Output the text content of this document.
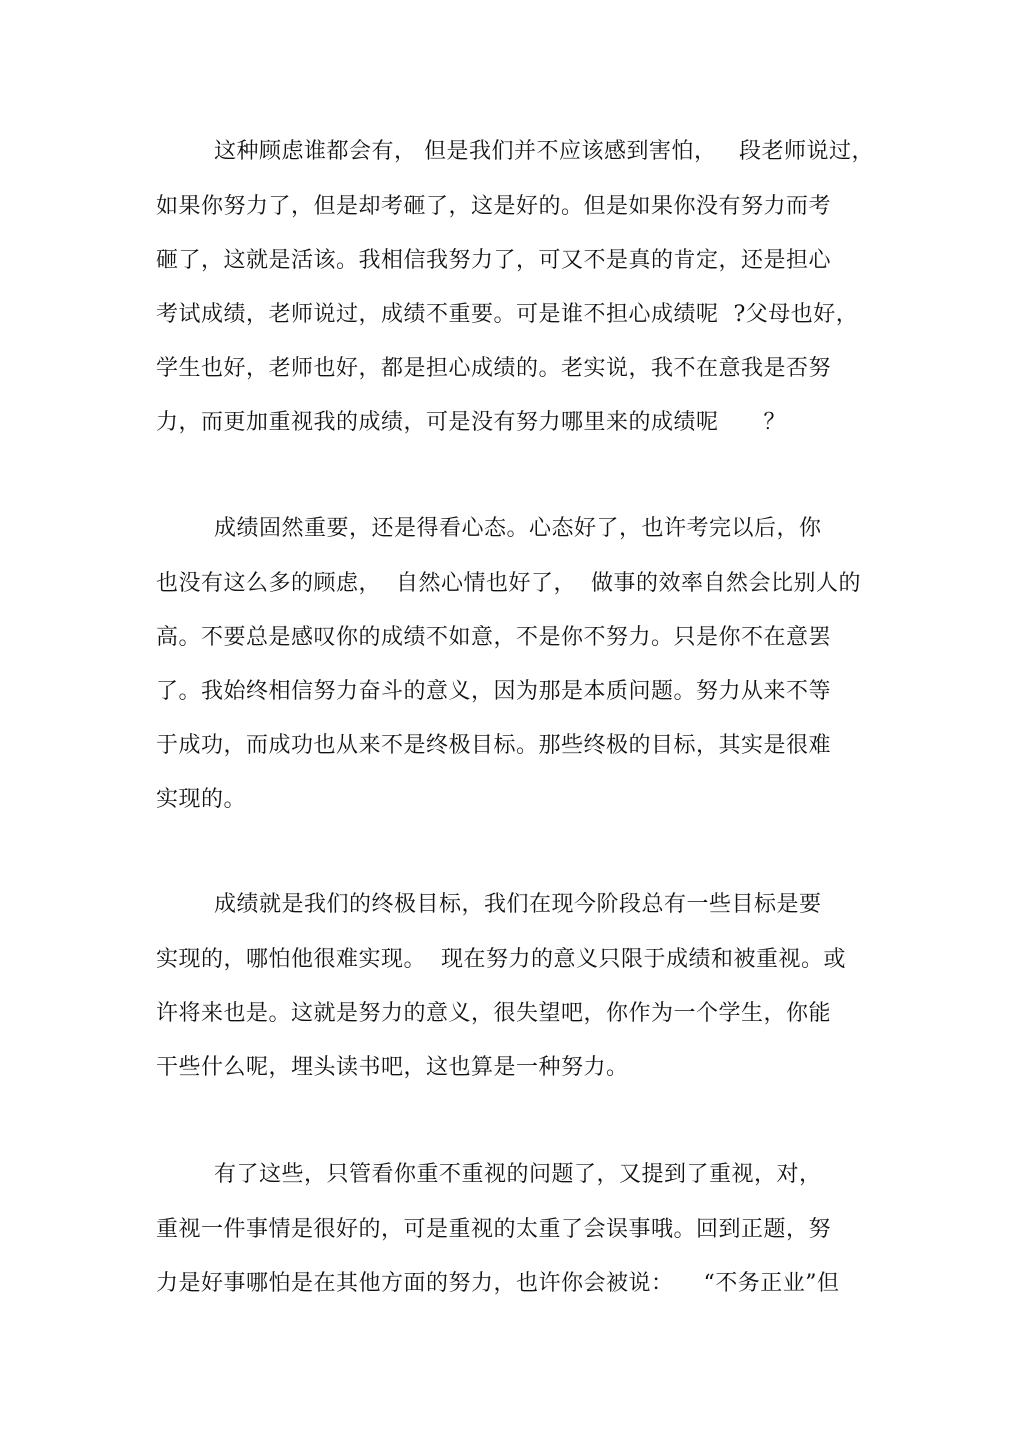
这种顾虑谁都会有， 但是我们并不应该感到害怕，   段老师说过，
如果你努力了，但是却考砸了，这是好的。但是如果你没有努力而考
砸了，这就是活该。我相信我努力了，可又不是真的肯定，还是担心
考试成绩，老师说过，成绩不重要。可是谁不担心成绩呢  ?父母也好，
学生也好，老师也好，都是担心成绩的。老实说，我不在意我是否努
力，而更加重视我的成绩，可是没有努力哪里来的成绩呢      ？
成绩固然重要，还是得看心态。心态好了，也许考完以后，你
也没有这么多的顾虑，  自然心情也好了，  做事的效率自然会比别人的
高。不要总是感叹你的成绩不如意，不是你不努力。只是你不在意罢
了。我始终相信努力奋斗的意义，因为那是本质问题。努力从来不等
于成功，而成功也从来不是终极目标。那些终极的目标，其实是很难
实现的。
成绩就是我们的终极目标，我们在现今阶段总有一些目标是要
实现的，哪怕他很难实现。  现在努力的意义只限于成绩和被重视。或
许将来也是。这就是努力的意义，很失望吧，你作为一个学生，你能
干些什么呢，埋头读书吧，这也算是一种努力。
有了这些，只管看你重不重视的问题了，又提到了重视，对，
重视一件事情是很好的，可是重视的太重了会误事哦。回到正题，努
力是好事哪怕是在其他方面的努力，也许你会被说：    “不务正业”但
